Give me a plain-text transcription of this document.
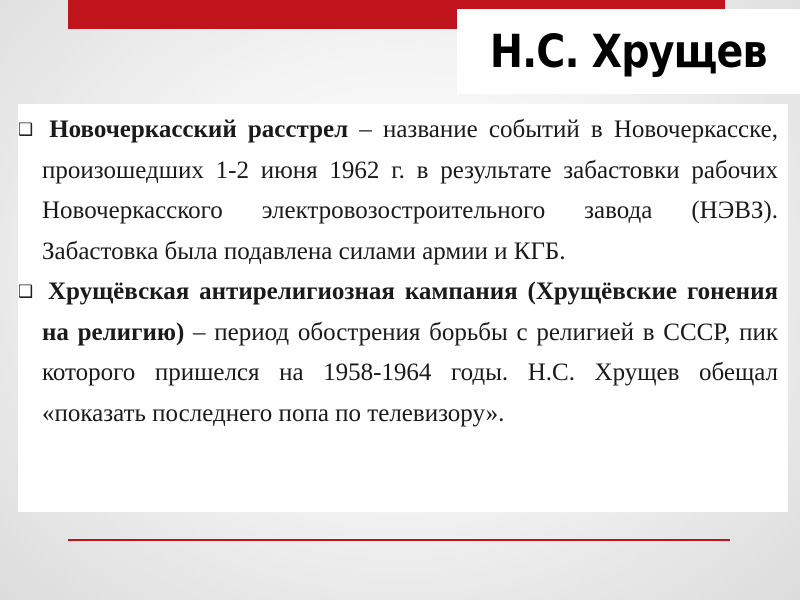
Н.С. Хрущев

❑ Новочеркасский расстрел – название событий в Новочеркасске, произошедших 1-2 июня 1962 г. в результате забастовки рабочих Новочеркасского электровозостроительного завода (НЭВЗ). Забастовка была подавлена силами армии и КГБ.

❑ Хрущёвская антирелигиозная кампания (Хрущёвские гонения на религию) – период обострения борьбы с религией в СССР, пик которого пришелся на 1958-1964 годы. Н.С. Хрущев обещал «показать последнего попа по телевизору».
